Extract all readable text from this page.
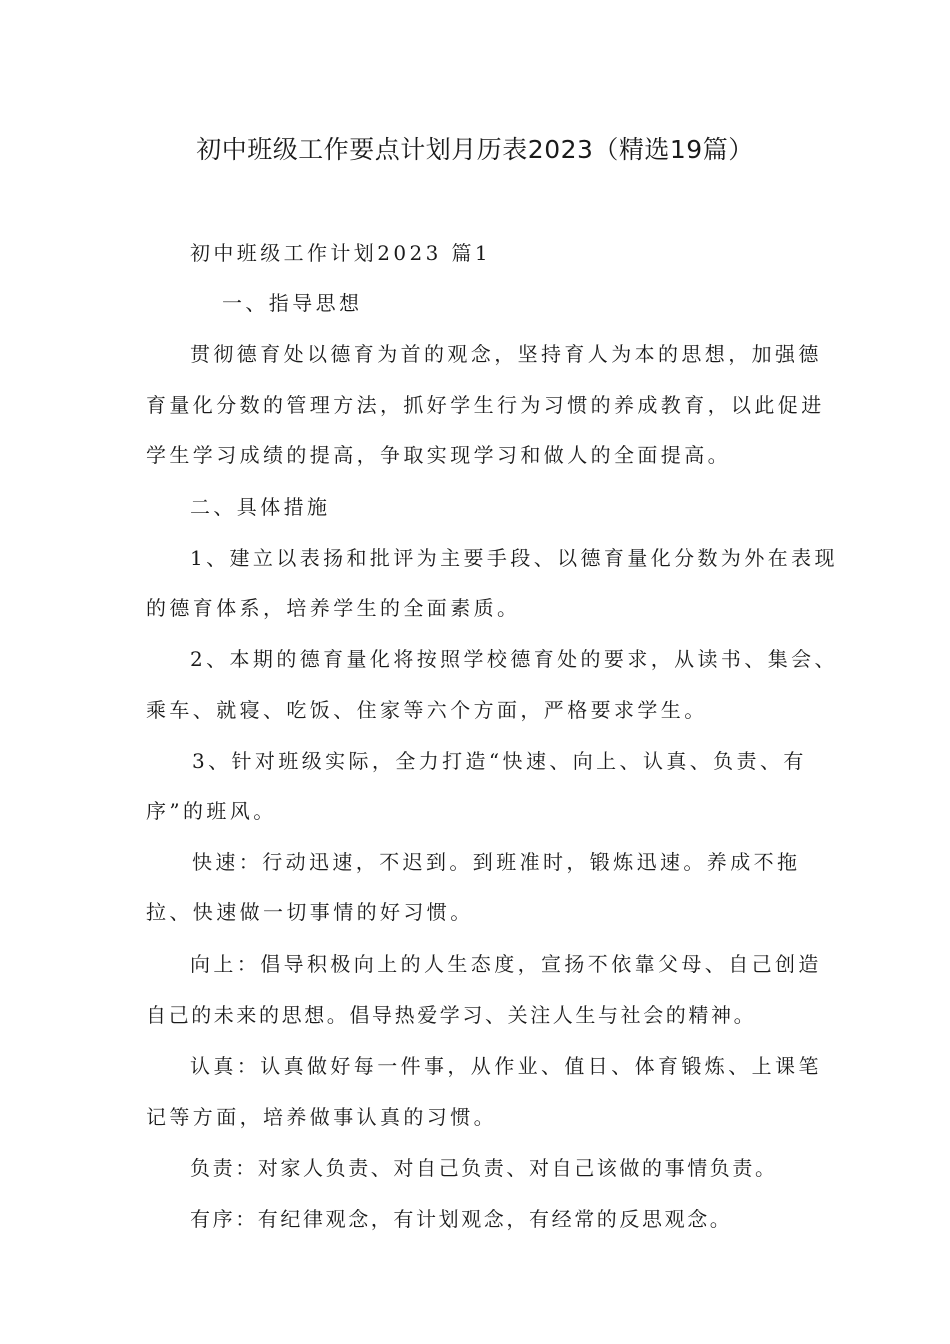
初中班级工作要点计划月历表2023（精选19篇）
初中班级工作计划2023 篇1
一、指导思想
贯彻德育处以德育为首的观念，坚持育人为本的思想，加强德
育量化分数的管理方法，抓好学生行为习惯的养成教育，以此促进
学生学习成绩的提高，争取实现学习和做人的全面提高。
二、具体措施
1、建立以表扬和批评为主要手段、以德育量化分数为外在表现
的德育体系，培养学生的全面素质。
2、本期的德育量化将按照学校德育处的要求，从读书、集会、
乘车、就寝、吃饭、住家等六个方面，严格要求学生。
3、针对班级实际，全力打造“快速、向上、认真、负责、有
序”的班风。
快速：行动迅速，不迟到。到班准时，锻炼迅速。养成不拖
拉、快速做一切事情的好习惯。
向上：倡导积极向上的人生态度，宣扬不依靠父母、自己创造
自己的未来的思想。倡导热爱学习、关注人生与社会的精神。
认真：认真做好每一件事，从作业、值日、体育锻炼、上课笔
记等方面，培养做事认真的习惯。
负责：对家人负责、对自己负责、对自己该做的事情负责。
有序：有纪律观念，有计划观念，有经常的反思观念。
